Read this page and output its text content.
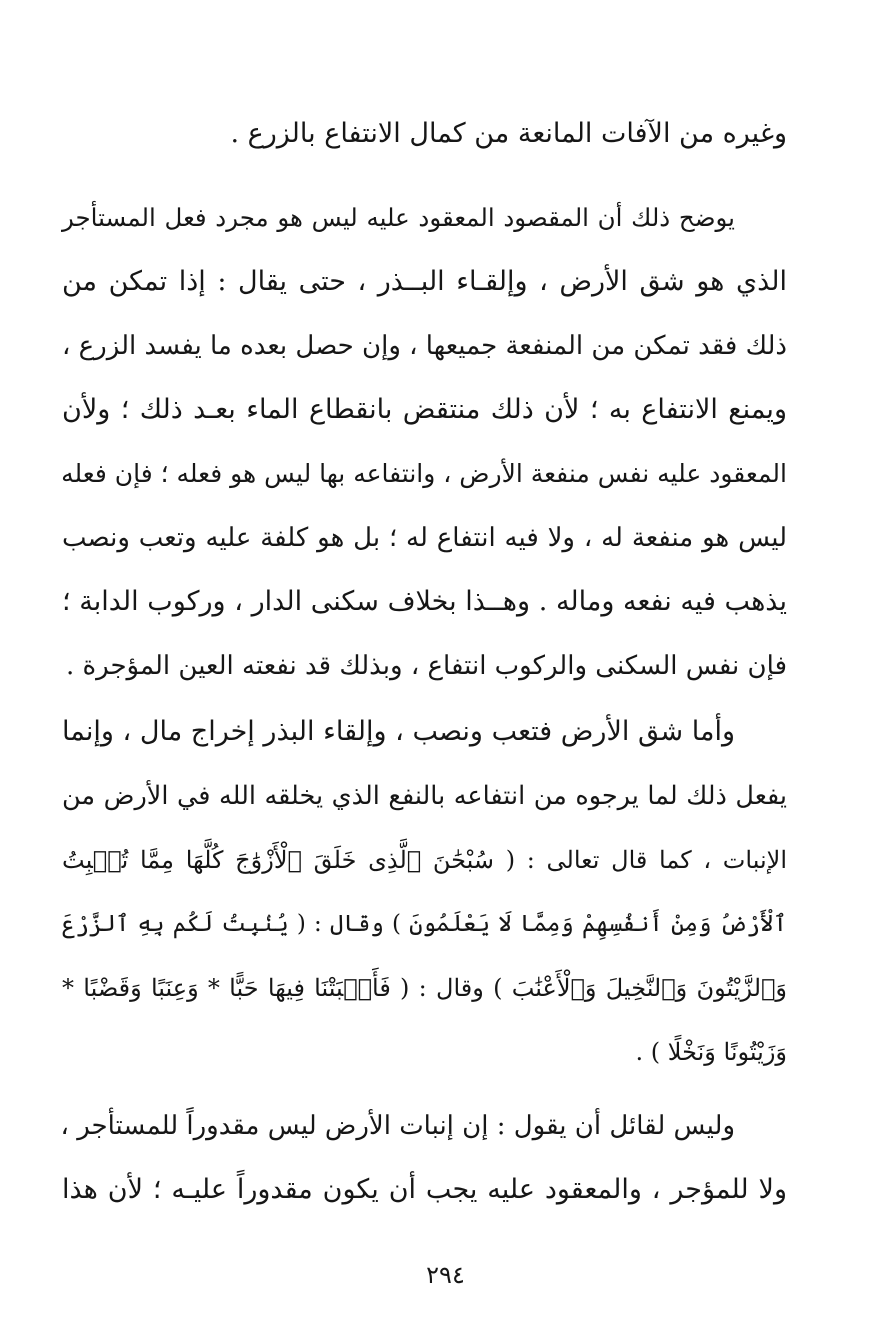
وغيره من الآفات المانعة من كمال الانتفاع بالزرع .
يوضح ذلك أن المقصود المعقود عليه ليس هو مجرد فعل المستأجر
الذي هو شق الأرض ، وإلقـاء البــذر ، حتى يقال : إذا تمكن من
ذلك فقد تمكن من المنفعة جميعها ، وإن حصل بعده ما يفسد الزرع ،
ويمنع الانتفاع به ؛ لأن ذلك منتقض بانقطاع الماء بعـد ذلك ؛ ولأن
المعقود عليه نفس منفعة الأرض ، وانتفاعه بها ليس هو فعله ؛ فإن فعله
ليس هو منفعة له ، ولا فيه انتفاع له ؛ بل هو كلفة عليه وتعب ونصب
يذهب فيه نفعه وماله . وهــذا بخلاف سكنى الدار ، وركوب الدابة ؛
فإن نفس السكنى والركوب انتفاع ، وبذلك قد نفعته العين المؤجرة .
وأما شق الأرض فتعب ونصب ، وإلقاء البذر إخراج مال ، وإنما
يفعل ذلك لما يرجوه من انتفاعه بالنفع الذي يخلقه الله في الأرض من
الإنبات ، كما قال تعالى : ( سُبْحَٰنَ ٱلَّذِى خَلَقَ ٱلْأَزْوَٰجَ كُلَّهَا مِمَّا تُنۢبِتُ
ٱلْأَرْضُ وَمِنْ أَنفُسِهِمْ وَمِمَّا لَا يَعْلَمُونَ ) وقال : ( يُنۢبِتُ لَكُم بِهِ ٱلزَّرْعَ
وَٱلزَّيْتُونَ وَٱلنَّخِيلَ وَٱلْأَعْنَٰبَ ) وقال : ( فَأَنۢبَتْنَا فِيهَا حَبًّا * وَعِنَبًا وَقَضْبًا *
وَزَيْتُونًا وَنَخْلًا ) .
وليس لقائل أن يقول : إن إنبات الأرض ليس مقدوراً للمستأجر ،
ولا للمؤجر ، والمعقود عليه يجب أن يكون مقدوراً عليـه ؛ لأن هذا
٢٩٤
